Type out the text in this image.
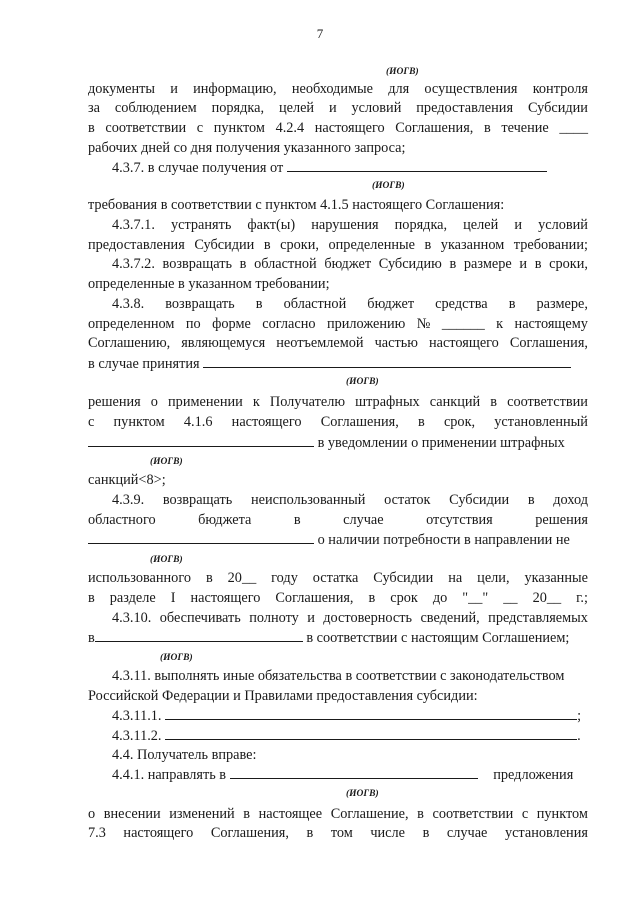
7
(ИОГВ)
документы и информацию, необходимые для осуществления контроля
за соблюдением порядка, целей и условий предоставления Субсидии
в соответствии с пунктом 4.2.4 настоящего Соглашения, в течение ____
рабочих дней со дня получения указанного запроса;
4.3.7. в случае получения от
(ИОГВ)
требования в соответствии с пунктом 4.1.5 настоящего Соглашения:
4.3.7.1. устранять факт(ы) нарушения порядка, целей и условий
предоставления Субсидии в сроки, определенные в указанном требовании;
4.3.7.2. возвращать в областной бюджет Субсидию в размере и в сроки,
определенные в указанном требовании;
4.3.8. возвращать в областной бюджет средства в размере,
определенном по форме согласно приложению № ______ к настоящему
Соглашению, являющемуся неотъемлемой частью настоящего Соглашения,
в случае принятия
(ИОГВ)
решения о применении к Получателю штрафных санкций в соответствии
с пунктом 4.1.6 настоящего Соглашения, в срок, установленный
в уведомлении о применении штрафных
(ИОГВ)
санкций<8>;
4.3.9. возвращать неиспользованный остаток Субсидии в доход
областного	бюджета	в	случае	отсутствия	решения
о наличии потребности в направлении не
(ИОГВ)
использованного в 20__ году остатка Субсидии на цели, указанные
в разделе I настоящего Соглашения, в срок до "__" __ 20__ г.;
4.3.10. обеспечивать полноту и достоверность сведений, представляемых
в	в соответствии с настоящим Соглашением;
(ИОГВ)
4.3.11. выполнять иные обязательства в соответствии с законодательством
Российской Федерации и Правилами предоставления субсидии:
4.3.11.1.	;
4.3.11.2.	.
4.4. Получатель вправе:
4.4.1. направлять в	предложения
(ИОГВ)
о внесении изменений в настоящее Соглашение, в соответствии с пунктом
7.3 настоящего Соглашения, в том числе в случае установления
